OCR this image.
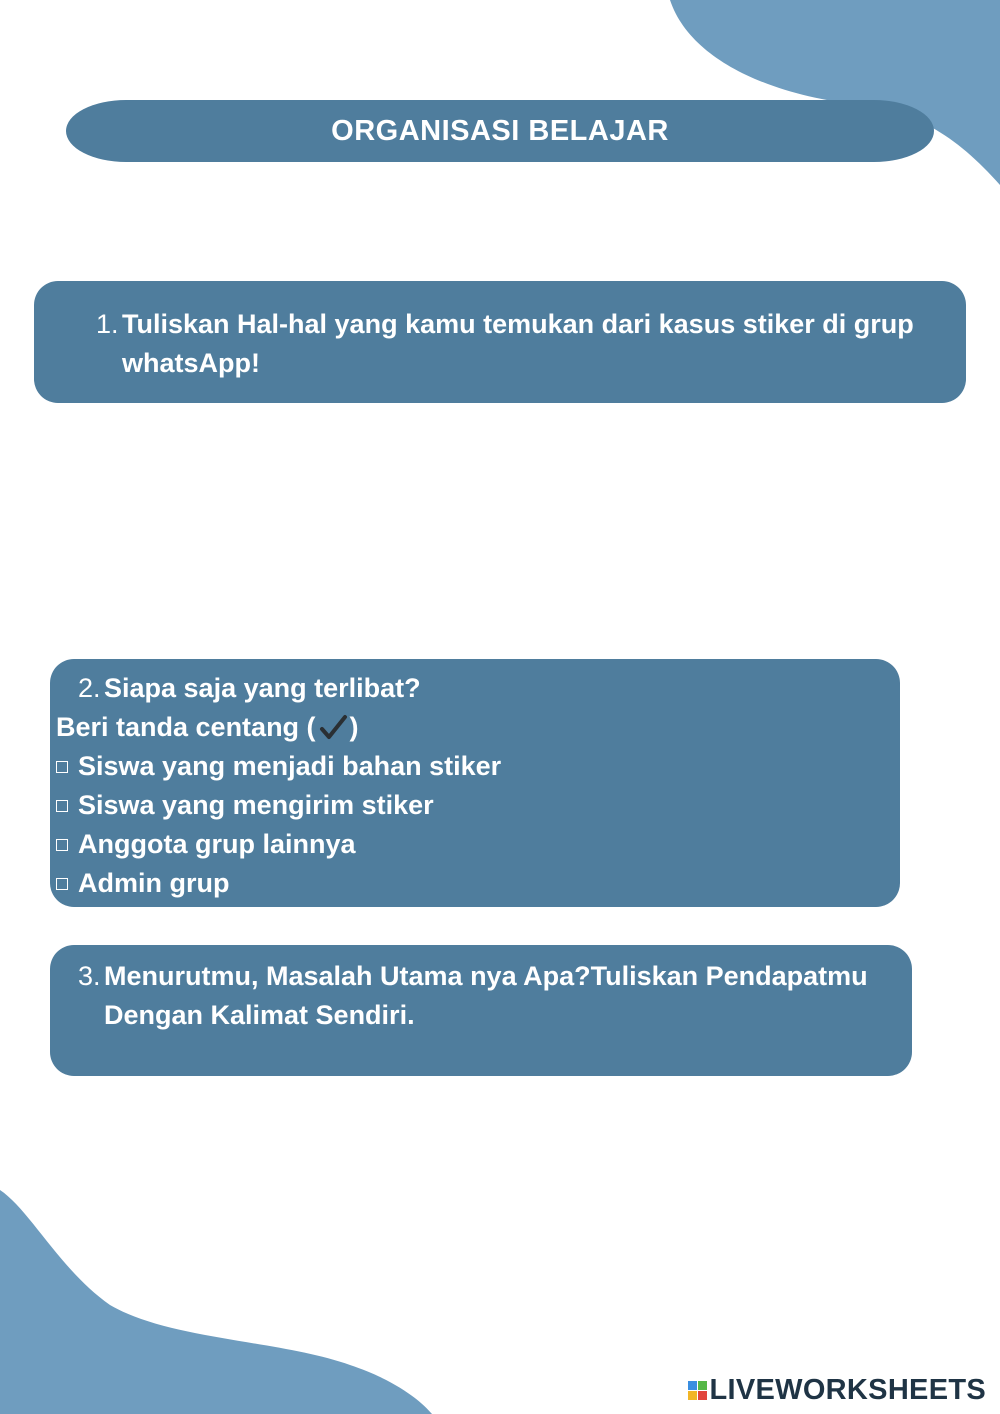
ORGANISASI BELAJAR
1. Tuliskan Hal-hal yang kamu temukan dari kasus stiker di grup whatsApp!
2. Siapa saja yang terlibat?
Beri tanda centang ( )
Siswa yang menjadi bahan stiker
Siswa yang mengirim stiker
Anggota grup lainnya
Admin grup
3. Menurutmu, Masalah Utama nya Apa?Tuliskan Pendapatmu Dengan Kalimat Sendiri.
LIVEWORKSHEETS
